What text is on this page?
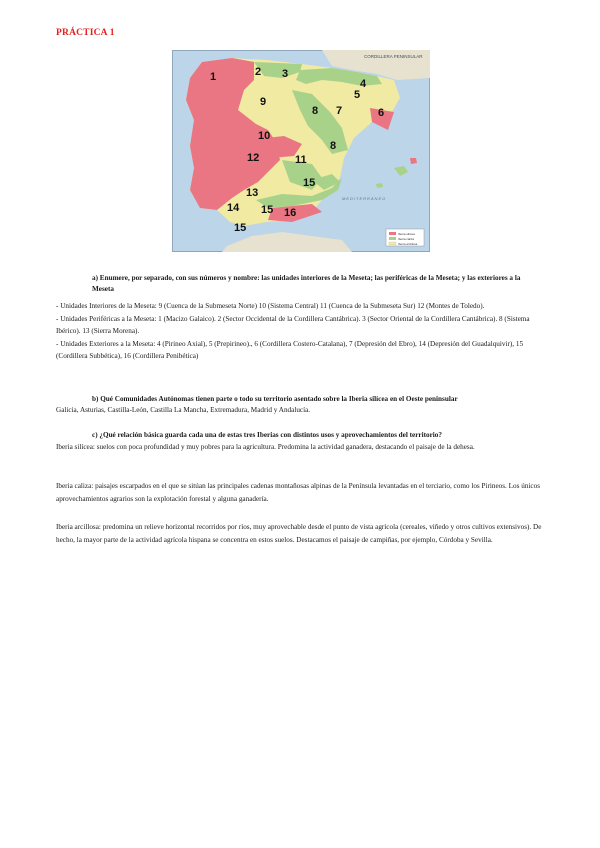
PRÁCTICA 1
CORDILLERA PENINSULAR
MEDITERRÁNEO
1	2 3
4
5
6
7
8
8
9
10
11
12
13
14
15
15 16
15	Iberia silícea
Iberia caliza
Iberia arcillosa
a) Enumere, por separado, con sus números y nombre: las unidades interiores de la Meseta; las periféricas de la Meseta; y las exteriores a la Meseta
- Unidades Interiores de la Meseta: 9 (Cuenca de la Submeseta Norte) 10 (Sistema Central) 11 (Cuenca de la Submeseta Sur) 12 (Montes de Toledo).
- Unidades Periféricas a la Meseta: 1 (Macizo Galaico). 2 (Sector Occidental de la Cordillera Cantábrica). 3 (Sector Oriental de la Cordillera Cantábrica). 8 (Sistema Ibérico). 13 (Sierra Morena).
- Unidades Exteriores a la Meseta: 4 (Pirineo Axial), 5 (Prepirineo)., 6 (Cordillera Costero-Catalana), 7 (Depresión del Ebro), 14 (Depresión del Guadalquivir), 15 (Cordillera Subbética), 16 (Cordillera Penibética)
b) Qué Comunidades Autónomas tienen parte o todo su territorio asentado sobre la Iberia silícea en el Oeste peninsular
Galicia, Asturias, Castilla-León, Castilla La Mancha, Extremadura, Madrid y Andalucía.
c) ¿Qué relación básica guarda cada una de estas tres Iberias con distintos usos y aprovechamientos del territorio?
Iberia silícea: suelos con poca profundidad y muy pobres para la agricultura. Predomina la actividad ganadera, destacando el paisaje de la dehesa.
Iberia caliza: paisajes escarpados en el que se sitúan las principales cadenas montañosas alpinas de la Península levantadas en el terciario, como los Pirineos. Los únicos aprovechamientos agrarios son la explotación forestal y alguna ganadería.
Iberia arcillosa: predomina un relieve horizontal recorridos por ríos, muy aprovechable desde el punto de vista agrícola (cereales, viñedo y otros cultivos extensivos). De hecho, la mayor parte de la actividad agrícola hispana se concentra en estos suelos. Destacamos el paisaje de campiñas, por ejemplo, Córdoba y Sevilla.
